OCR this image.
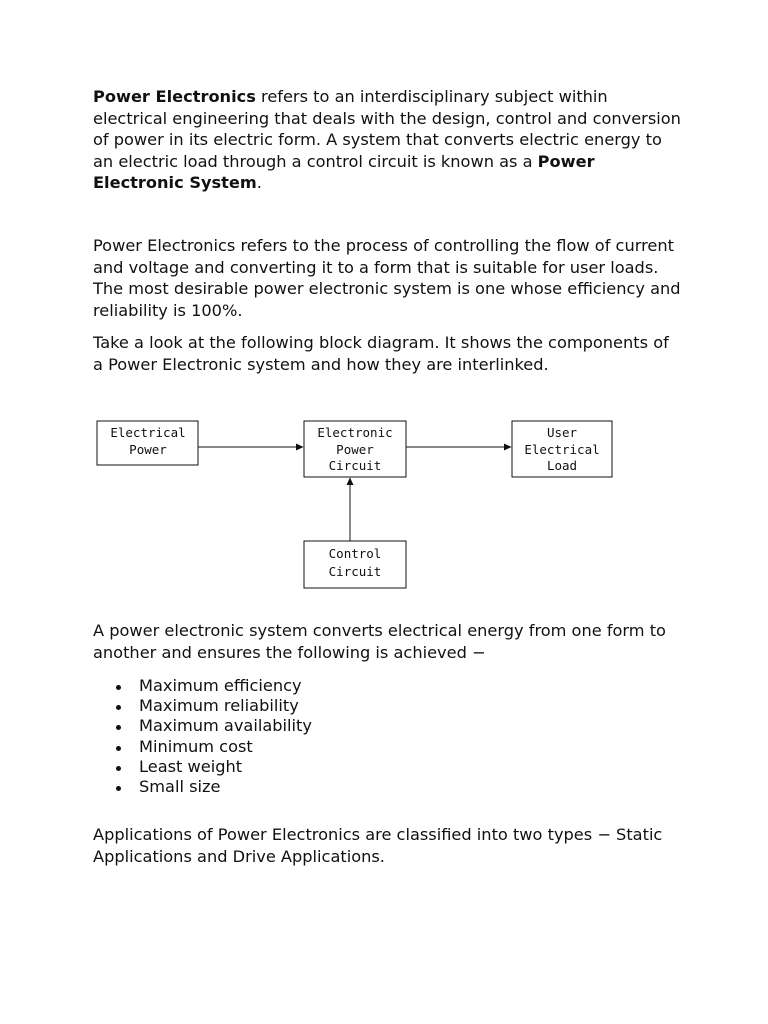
Power Electronics refers to an interdisciplinary subject within electrical engineering that deals with the design, control and conversion of power in its electric form. A system that converts electric energy to an electric load through a control circuit is known as a Power Electronic System.

Power Electronics refers to the process of controlling the flow of current and voltage and converting it to a form that is suitable for user loads. The most desirable power electronic system is one whose efficiency and reliability is 100%.

Take a look at the following block diagram. It shows the components of a Power Electronic system and how they are interlinked.

Electrical
Power
Electronic
Power
Circuit
User
Electrical
Load
Control
Circuit

A power electronic system converts electrical energy from one form to another and ensures the following is achieved −

Maximum efficiency
Maximum reliability
Maximum availability
Minimum cost
Least weight
Small size

Applications of Power Electronics are classified into two types − Static Applications and Drive Applications.
